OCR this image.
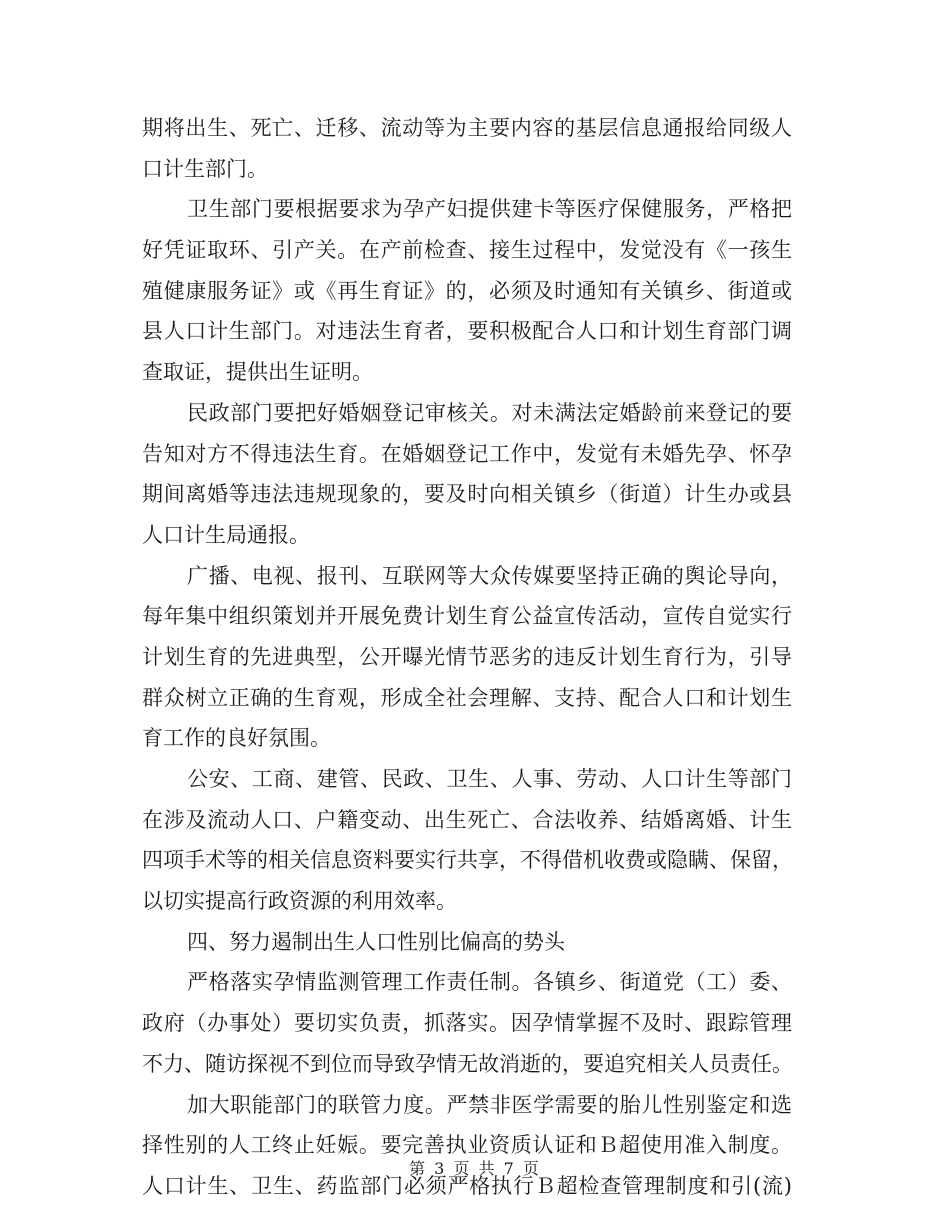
期将出生、死亡、迁移、流动等为主要内容的基层信息通报给同级人
口计生部门。
卫生部门要根据要求为孕产妇提供建卡等医疗保健服务，严格把
好凭证取环、引产关。在产前检查、接生过程中，发觉没有《一孩生
殖健康服务证》或《再生育证》的，必须及时通知有关镇乡、街道或
县人口计生部门。对违法生育者，要积极配合人口和计划生育部门调
查取证，提供出生证明。
民政部门要把好婚姻登记审核关。对未满法定婚龄前来登记的要
告知对方不得违法生育。在婚姻登记工作中，发觉有未婚先孕、怀孕
期间离婚等违法违规现象的，要及时向相关镇乡（街道）计生办或县
人口计生局通报。
广播、电视、报刊、互联网等大众传媒要坚持正确的舆论导向，
每年集中组织策划并开展免费计划生育公益宣传活动，宣传自觉实行
计划生育的先进典型，公开曝光情节恶劣的违反计划生育行为，引导
群众树立正确的生育观，形成全社会理解、支持、配合人口和计划生
育工作的良好氛围。
公安、工商、建管、民政、卫生、人事、劳动、人口计生等部门
在涉及流动人口、户籍变动、出生死亡、合法收养、结婚离婚、计生
四项手术等的相关信息资料要实行共享，不得借机收费或隐瞒、保留，
以切实提高行政资源的利用效率。
四、努力遏制出生人口性别比偏高的势头
严格落实孕情监测管理工作责任制。各镇乡、街道党（工）委、
政府（办事处）要切实负责，抓落实。因孕情掌握不及时、跟踪管理
不力、随访探视不到位而导致孕情无故消逝的，要追究相关人员责任。
加大职能部门的联管力度。严禁非医学需要的胎儿性别鉴定和选
择性别的人工终止妊娠。要完善执业资质认证和Ｂ超使用准入制度。
人口计生、卫生、药监部门必须严格执行Ｂ超检查管理制度和引(流)
第 3 页 共 7 页
